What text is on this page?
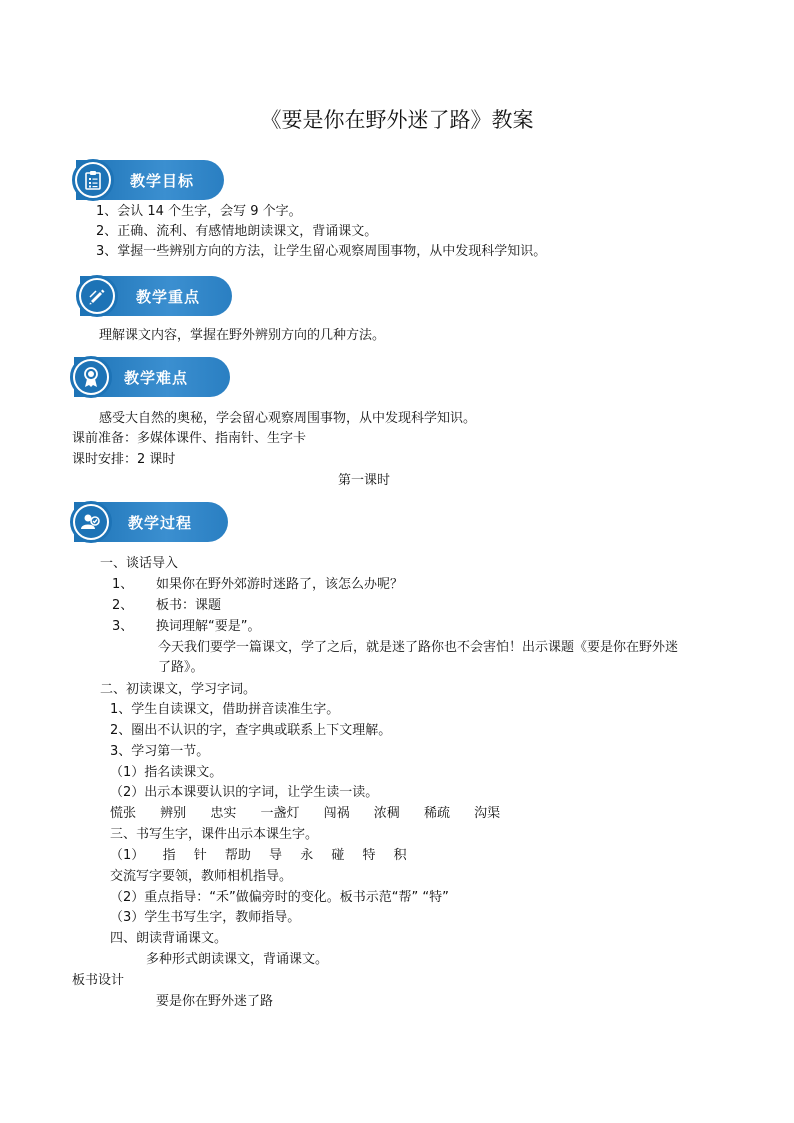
《要是你在野外迷了路》教案
教学目标
1、会认 14 个生字，会写 9 个字。
2、正确、流利、有感情地朗读课文，背诵课文。
3、掌握一些辨别方向的方法，让学生留心观察周围事物，从中发现科学知识。
教学重点
理解课文内容，掌握在野外辨别方向的几种方法。
教学难点
感受大自然的奥秘，学会留心观察周围事物，从中发现科学知识。
课前准备：多媒体课件、指南针、生字卡
课时安排：2 课时
第一课时
教学过程
一、谈话导入
1、 如果你在野外郊游时迷路了，该怎么办呢？
2、 板书：课题
3、 换词理解“要是”。
今天我们要学一篇课文，学了之后，就是迷了路你也不会害怕！出示课题《要是你在野外迷
了路》。
二、初读课文，学习字词。
1、学生自读课文，借助拼音读准生字。
2、圈出不认识的字，查字典或联系上下文理解。
3、学习第一节。
（1）指名读课文。
（2）出示本课要认识的字词，让学生读一读。
慌张 辨别 忠实 一盏灯 闯祸 浓稠 稀疏 沟渠
三、书写生字，课件出示本课生字。
（1） 指 针 帮助 导 永 碰 特 积
交流写字要领，教师相机指导。
（2）重点指导：“禾”做偏旁时的变化。板书示范“帮” “特”
（3）学生书写生字，教师指导。
四、朗读背诵课文。
多种形式朗读课文，背诵课文。
板书设计
要是你在野外迷了路
